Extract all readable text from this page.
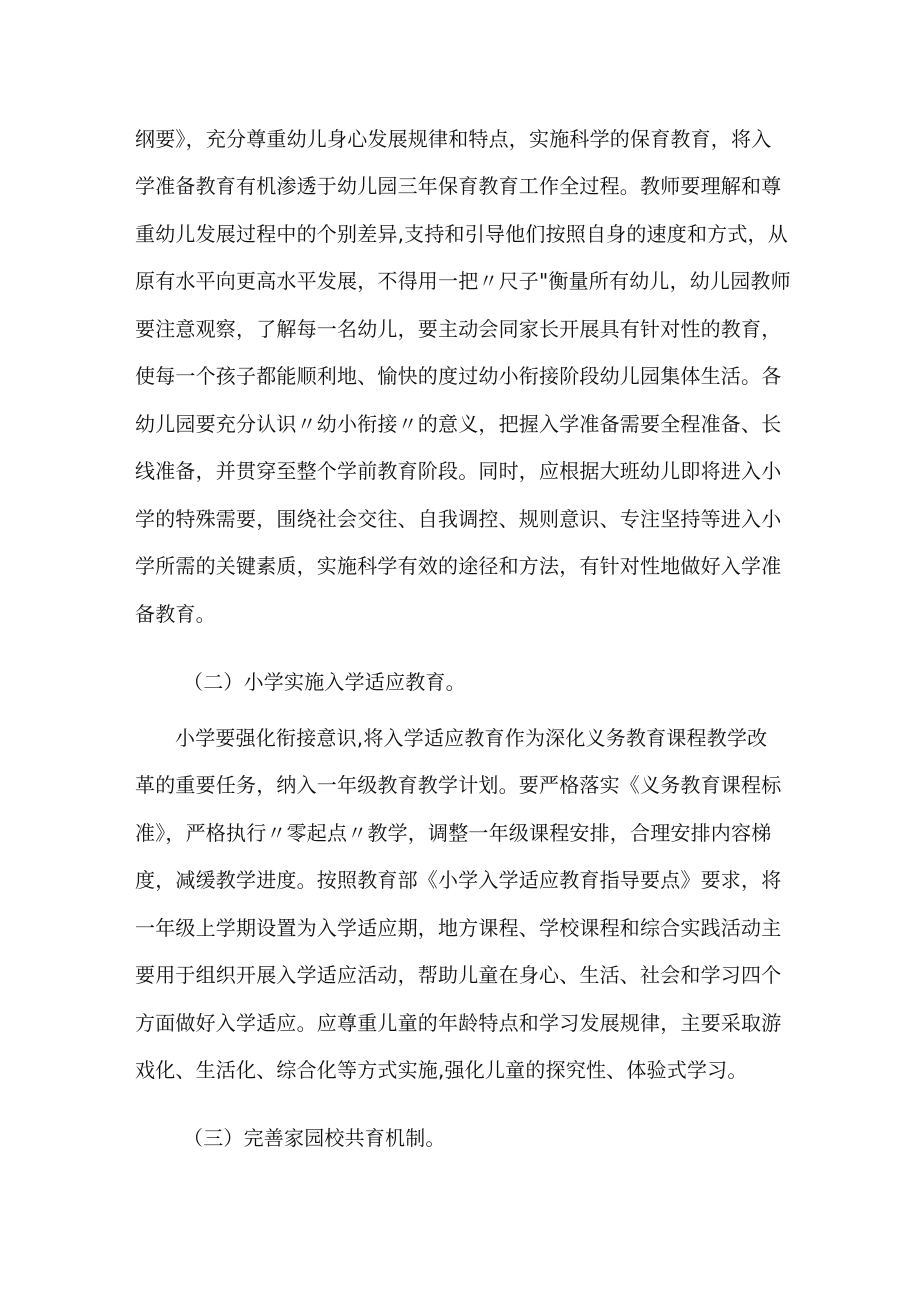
纲要》，充分尊重幼儿身心发展规律和特点，实施科学的保育教育，将入
学准备教育有机渗透于幼儿园三年保育教育工作全过程。教师要理解和尊
重幼儿发展过程中的个别差异,支持和引导他们按照自身的速度和方式，从
原有水平向更高水平发展，不得用一把〃尺子"衡量所有幼儿，幼儿园教师
要注意观察，了解每一名幼儿，要主动会同家长开展具有针对性的教育，
使每一个孩子都能顺利地、愉快的度过幼小衔接阶段幼儿园集体生活。各
幼儿园要充分认识〃幼小衔接〃的意义，把握入学准备需要全程准备、长
线准备，并贯穿至整个学前教育阶段。同时，应根据大班幼儿即将进入小
学的特殊需要，围绕社会交往、自我调控、规则意识、专注坚持等进入小
学所需的关键素质，实施科学有效的途径和方法，有针对性地做好入学准
备教育。
（二）小学实施入学适应教育。
小学要强化衔接意识,将入学适应教育作为深化义务教育课程教学改
革的重要任务，纳入一年级教育教学计划。要严格落实《义务教育课程标
准》，严格执行〃零起点〃教学，调整一年级课程安排，合理安排内容梯
度，减缓教学进度。按照教育部《小学入学适应教育指导要点》要求，将
一年级上学期设置为入学适应期，地方课程、学校课程和综合实践活动主
要用于组织开展入学适应活动，帮助儿童在身心、生活、社会和学习四个
方面做好入学适应。应尊重儿童的年龄特点和学习发展规律，主要采取游
戏化、生活化、综合化等方式实施,强化儿童的探究性、体验式学习。
（三）完善家园校共育机制。
